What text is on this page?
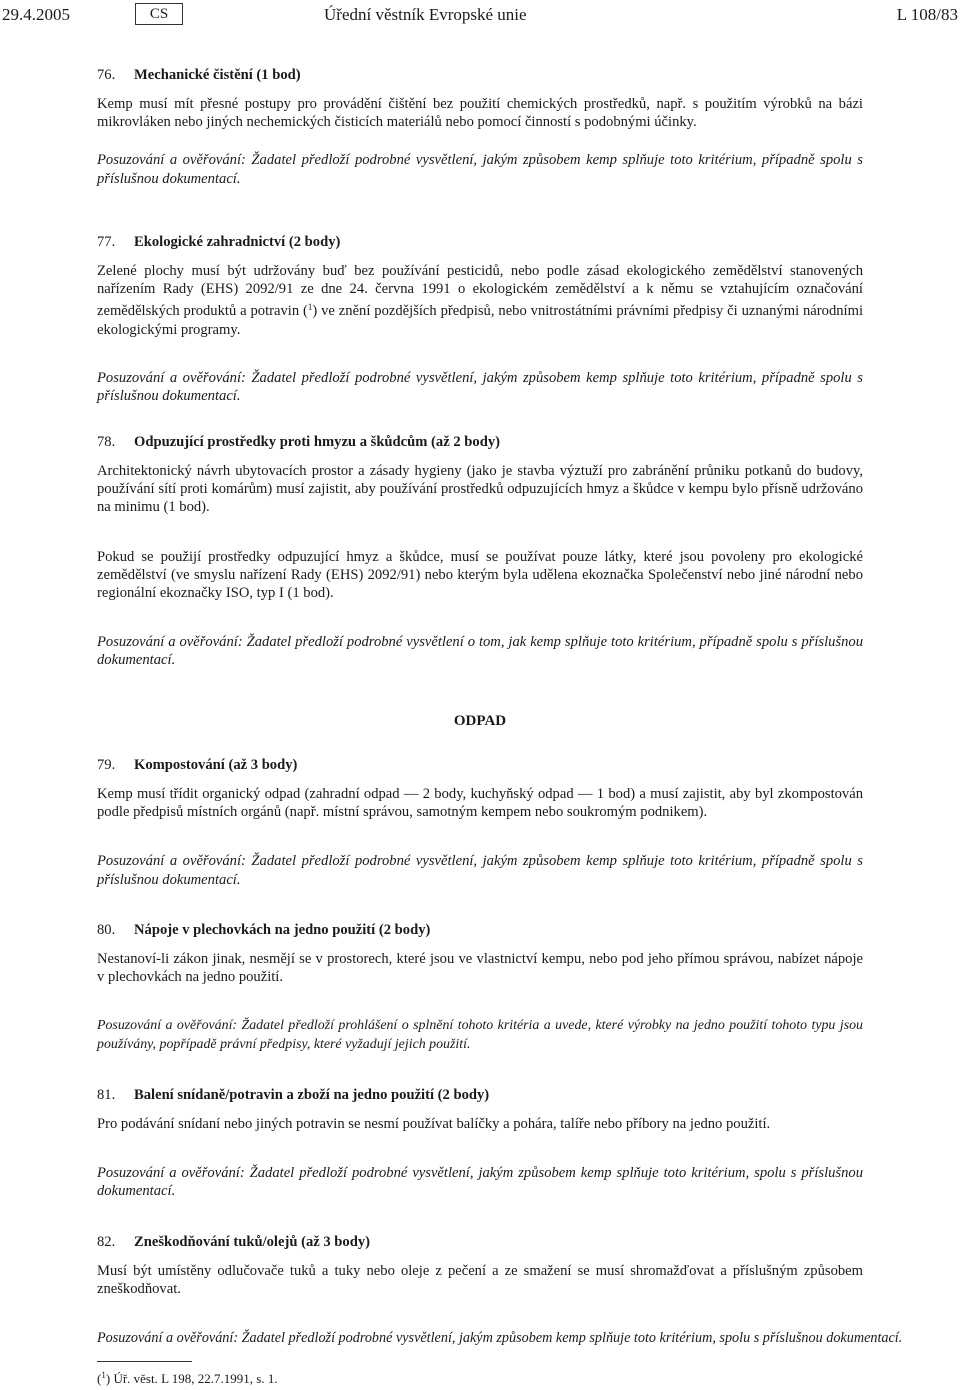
29.4.2005	CS	Úřední věstník Evropské unie	L 108/83
76. Mechanické čistění (1 bod)

Kemp musí mít přesné postupy pro provádění čištění bez použití chemických prostředků, např. s použitím výrobků na bázi mikrovláken nebo jiných nechemických čisticích materiálů nebo pomocí činností s podobnými účinky.

Posuzování a ověřování: Žadatel předloží podrobné vysvětlení, jakým způsobem kemp splňuje toto kritérium, případně spolu s příslušnou dokumentací.

77. Ekologické zahradnictví (2 body)

Zelené plochy musí být udržovány buď bez používání pesticidů, nebo podle zásad ekologického zemědělství stanovených nařízením Rady (EHS) 2092/91 ze dne 24. června 1991 o ekologickém zemědělství a k němu se vztahujícím označování zemědělských produktů a potravin ($^1$) ve znění pozdějších předpisů, nebo vnitrostátními právními předpisy či uznanými národními ekologickými programy.

Posuzování a ověřování: Žadatel předloží podrobné vysvětlení, jakým způsobem kemp splňuje toto kritérium, případně spolu s příslušnou dokumentací.

78. Odpuzující prostředky proti hmyzu a škůdcům (až 2 body)

Architektonický návrh ubytovacích prostor a zásady hygieny (jako je stavba výztuží pro zabránění průniku potkanů do budovy, používání sítí proti komárům) musí zajistit, aby používání prostředků odpuzujících hmyz a škůdce v kempu bylo přísně udržováno na minimu (1 bod).

Pokud se použijí prostředky odpuzující hmyz a škůdce, musí se používat pouze látky, které jsou povoleny pro ekologické zemědělství (ve smyslu nařízení Rady (EHS) 2092/91) nebo kterým byla udělena ekoznačka Společenství nebo jiné národní nebo regionální ekoznačky ISO, typ I (1 bod).

Posuzování a ověřování: Žadatel předloží podrobné vysvětlení o tom, jak kemp splňuje toto kritérium, případně spolu s příslušnou dokumentací.

ODPAD
79. Kompostování (až 3 body)

Kemp musí třídit organický odpad (zahradní odpad — 2 body, kuchyňský odpad — 1 bod) a musí zajistit, aby byl zkompostován podle předpisů místních orgánů (např. místní správou, samotným kempem nebo soukromým podnikem).

Posuzování a ověřování: Žadatel předloží podrobné vysvětlení, jakým způsobem kemp splňuje toto kritérium, případně spolu s příslušnou dokumentací.

80. Nápoje v plechovkách na jedno použití (2 body)

Nestanoví-li zákon jinak, nesmějí se v prostorech, které jsou ve vlastnictví kempu, nebo pod jeho přímou správou, nabízet nápoje v plechovkách na jedno použití.

Posuzování a ověřování: Žadatel předloží prohlášení o splnění tohoto kritéria a uvede, které výrobky na jedno použití tohoto typu jsou používány, popřípadě právní předpisy, které vyžadují jejich použití.

81. Balení snídaně/potravin a zboží na jedno použití (2 body)

Pro podávání snídaní nebo jiných potravin se nesmí používat balíčky a pohára, talíře nebo příbory na jedno použití.

Posuzování a ověřování: Žadatel předloží podrobné vysvětlení, jakým způsobem kemp splňuje toto kritérium, spolu s příslušnou dokumentací.

82. Zneškodňování tuků/olejů (až 3 body)

Musí být umístěny odlučovače tuků a tuky nebo oleje z pečení a ze smažení se musí shromažďovat a příslušným způsobem zneškodňovat.

Posuzování a ověřování: Žadatel předloží podrobné vysvětlení, jakým způsobem kemp splňuje toto kritérium, spolu s příslušnou dokumentací.

($^1$) Úř. věst. L 198, 22.7.1991, s. 1.
